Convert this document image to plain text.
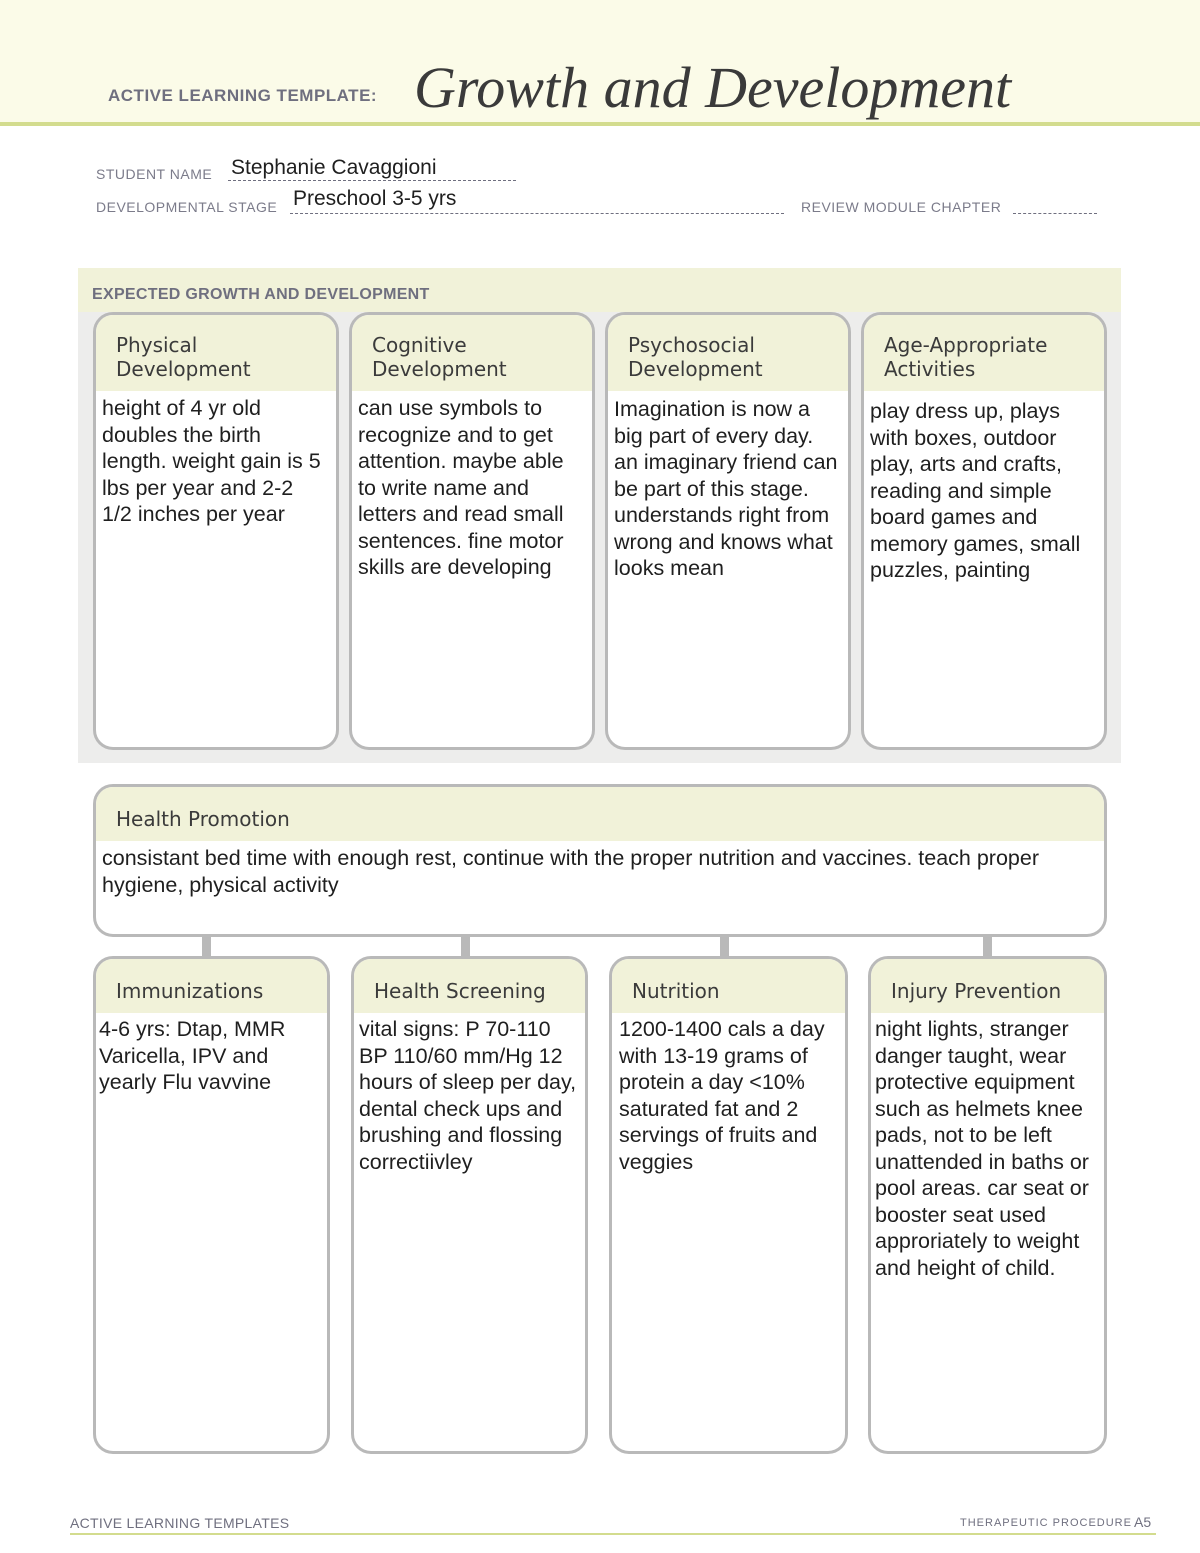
ACTIVE LEARNING TEMPLATE: Growth and Development
STUDENT NAME Stephanie Cavaggioni
DEVELOPMENTAL STAGE Preschool 3-5 yrs	REVIEW MODULE CHAPTER
EXPECTED GROWTH AND DEVELOPMENT
Physical
Development
height of 4 yr old doubles the birth length. weight gain is 5 lbs per year and 2-2 1/2 inches per year
Cognitive
Development
can use symbols to recognize and to get attention. maybe able to write name and letters and read small sentences. fine motor skills are developing
Psychosocial
Development
Imagination is now a big part of every day. an imaginary friend can be part of this stage. understands right from wrong and knows what looks mean
Age-Appropriate
Activities
play dress up, plays with boxes, outdoor play, arts and crafts, reading and simple board games and memory games, small puzzles, painting
Health Promotion
consistant bed time with enough rest, continue with the proper nutrition and vaccines. teach proper hygiene, physical activity
Immunizations
4-6 yrs: Dtap, MMR Varicella, IPV and yearly Flu vavvine
Health Screening
vital signs: P 70-110 BP 110/60 mm/Hg 12 hours of sleep per day, dental check ups and brushing and flossing correctiivley
Nutrition
1200-1400 cals a day with 13-19 grams of protein a day <10% saturated fat and 2 servings of fruits and veggies
Injury Prevention
night lights, stranger danger taught, wear protective equipment such as helmets knee pads, not to be left unattended in baths or pool areas. car seat or booster seat used approriately to weight and height of child.
ACTIVE LEARNING TEMPLATES	THERAPEUTIC PROCEDURE A5
